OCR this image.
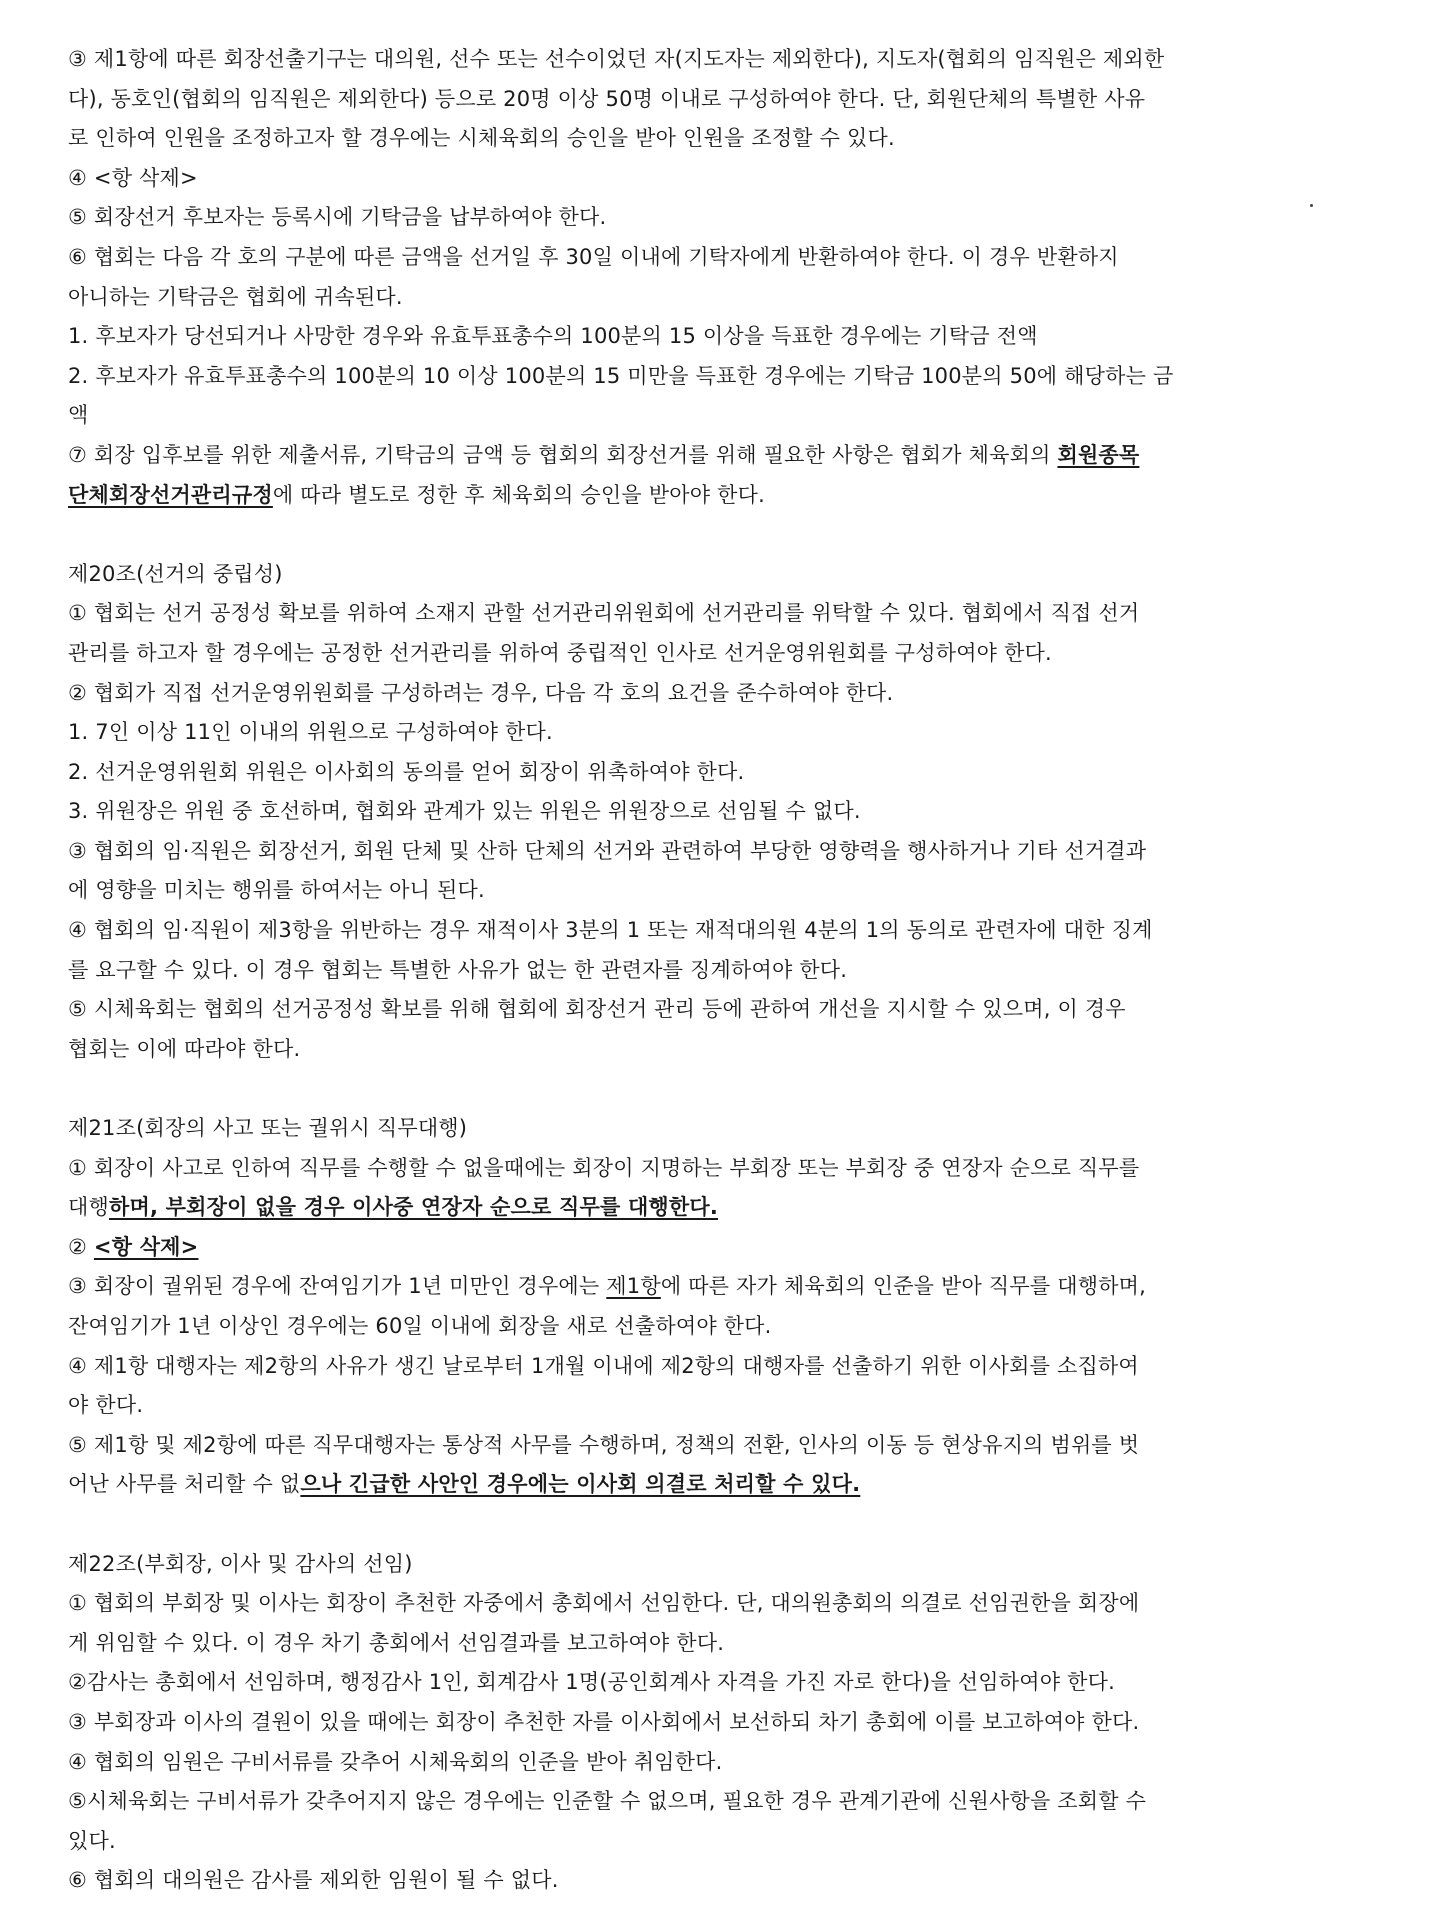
③ 제1항에 따른 회장선출기구는 대의원, 선수 또는 선수이었던 자(지도자는 제외한다), 지도자(협회의 임직원은 제외한
다), 동호인(협회의 임직원은 제외한다) 등으로 20명 이상 50명 이내로 구성하여야 한다. 단, 회원단체의 특별한 사유
로 인하여 인원을 조정하고자 할 경우에는 시체육회의 승인을 받아 인원을 조정할 수 있다.
④ <항 삭제>
⑤ 회장선거 후보자는 등록시에 기탁금을 납부하여야 한다.
⑥ 협회는 다음 각 호의 구분에 따른 금액을 선거일 후 30일 이내에 기탁자에게 반환하여야 한다. 이 경우 반환하지
아니하는 기탁금은 협회에 귀속된다.
1. 후보자가 당선되거나 사망한 경우와 유효투표총수의 100분의 15 이상을 득표한 경우에는 기탁금 전액
2. 후보자가 유효투표총수의 100분의 10 이상 100분의 15 미만을 득표한 경우에는 기탁금 100분의 50에 해당하는 금
액
⑦ 회장 입후보를 위한 제출서류, 기탁금의 금액 등 협회의 회장선거를 위해 필요한 사항은 협회가 체육회의 회원종목
단체회장선거관리규정에 따라 별도로 정한 후 체육회의 승인을 받아야 한다.
제20조(선거의 중립성)
① 협회는 선거 공정성 확보를 위하여 소재지 관할 선거관리위원회에 선거관리를 위탁할 수 있다. 협회에서 직접 선거
관리를 하고자 할 경우에는 공정한 선거관리를 위하여 중립적인 인사로 선거운영위원회를 구성하여야 한다.
② 협회가 직접 선거운영위원회를 구성하려는 경우, 다음 각 호의 요건을 준수하여야 한다.
1. 7인 이상 11인 이내의 위원으로 구성하여야 한다.
2. 선거운영위원회 위원은 이사회의 동의를 얻어 회장이 위촉하여야 한다.
3. 위원장은 위원 중 호선하며, 협회와 관계가 있는 위원은 위원장으로 선임될 수 없다.
③ 협회의 임·직원은 회장선거, 회원 단체 및 산하 단체의 선거와 관련하여 부당한 영향력을 행사하거나 기타 선거결과
에 영향을 미치는 행위를 하여서는 아니 된다.
④ 협회의 임·직원이 제3항을 위반하는 경우 재적이사 3분의 1 또는 재적대의원 4분의 1의 동의로 관련자에 대한 징계
를 요구할 수 있다. 이 경우 협회는 특별한 사유가 없는 한 관련자를 징계하여야 한다.
⑤ 시체육회는 협회의 선거공정성 확보를 위해 협회에 회장선거 관리 등에 관하여 개선을 지시할 수 있으며, 이 경우
협회는 이에 따라야 한다.
제21조(회장의 사고 또는 궐위시 직무대행)
① 회장이 사고로 인하여 직무를 수행할 수 없을때에는 회장이 지명하는 부회장 또는 부회장 중 연장자 순으로 직무를
대행하며, 부회장이 없을 경우 이사중 연장자 순으로 직무를 대행한다.
② <항 삭제>
③ 회장이 궐위된 경우에 잔여임기가 1년 미만인 경우에는 제1항에 따른 자가 체육회의 인준을 받아 직무를 대행하며,
잔여임기가 1년 이상인 경우에는 60일 이내에 회장을 새로 선출하여야 한다.
④ 제1항 대행자는 제2항의 사유가 생긴 날로부터 1개월 이내에 제2항의 대행자를 선출하기 위한 이사회를 소집하여
야 한다.
⑤ 제1항 및 제2항에 따른 직무대행자는 통상적 사무를 수행하며, 정책의 전환, 인사의 이동 등 현상유지의 범위를 벗
어난 사무를 처리할 수 없으나 긴급한 사안인 경우에는 이사회 의결로 처리할 수 있다.
제22조(부회장, 이사 및 감사의 선임)
① 협회의 부회장 및 이사는 회장이 추천한 자중에서 총회에서 선임한다. 단, 대의원총회의 의결로 선임권한을 회장에
게 위임할 수 있다. 이 경우 차기 총회에서 선임결과를 보고하여야 한다.
②감사는 총회에서 선임하며, 행정감사 1인, 회계감사 1명(공인회계사 자격을 가진 자로 한다)을 선임하여야 한다.
③ 부회장과 이사의 결원이 있을 때에는 회장이 추천한 자를 이사회에서 보선하되 차기 총회에 이를 보고하여야 한다.
④ 협회의 임원은 구비서류를 갖추어 시체육회의 인준을 받아 취임한다.
⑤시체육회는 구비서류가 갖추어지지 않은 경우에는 인준할 수 없으며, 필요한 경우 관계기관에 신원사항을 조회할 수
있다.
⑥ 협회의 대의원은 감사를 제외한 임원이 될 수 없다.
